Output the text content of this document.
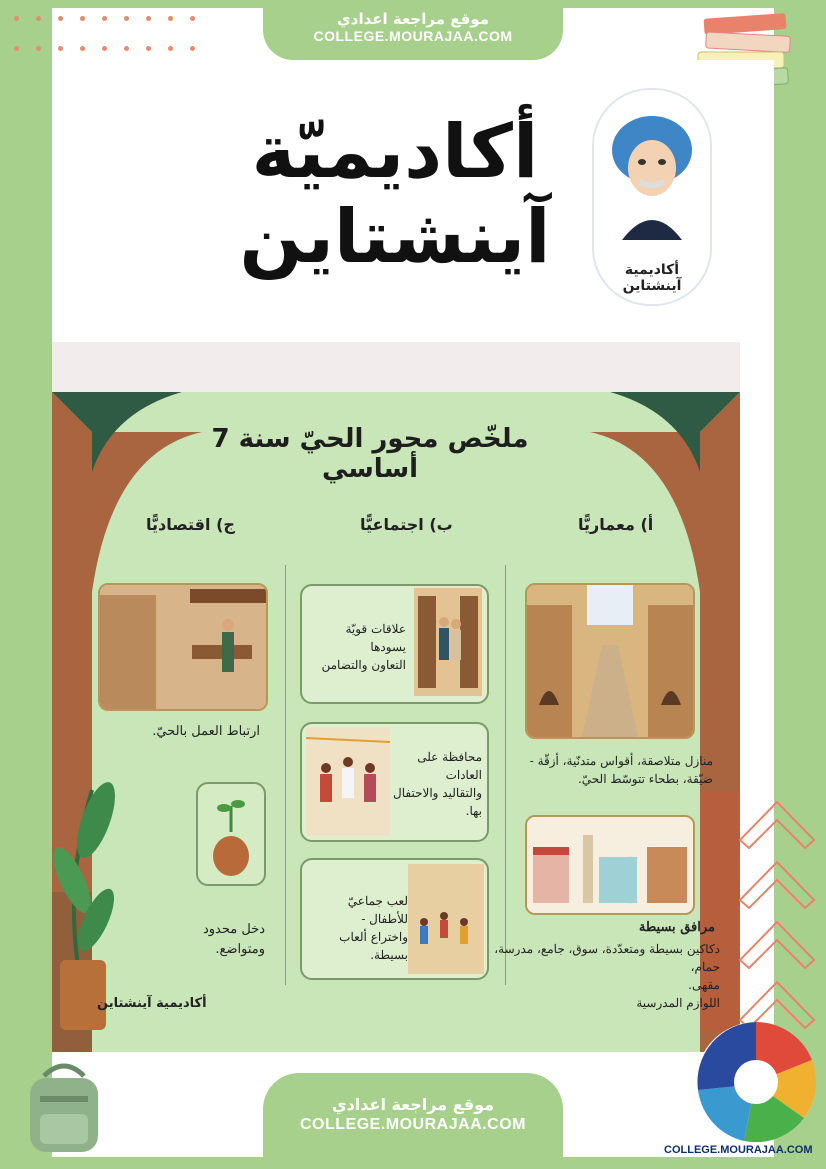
موقع مراجعة اعدادي
COLLEGE.MOURAJAA.COM
أكاديميّة آينشتاين	أكاديمية آينشتاين
ملخّص محور الحيّ سنة 7 أساسي
أ) معماريًّا
ب) اجتماعيًّا
ج) اقتصاديًّا
منازل متلاصقة، أقواس متدنّية، أزقّة -
ضيّقة، بطحاء تتوسّط الحيّ.
مرافق بسيطة
دكاكين بسيطة ومتعدّدة، سوق، جامع، مدرسة، حمام،
مقهى.
اللوازم المدرسية
علاقات قويّة يسودها
التعاون والتضامن
محافظة على العادات
والتقاليد والاحتفال بها.
لعب جماعيّ للأطفال -
واختراع ألعاب بسيطة.
ارتباط العمل بالحيّ.
دخل محدود ومتواضع.
أكاديمية آينشتاين
موقع مراجعة اعدادي
COLLEGE.MOURAJAA.COM
COLLEGE.MOURAJAA.COM
